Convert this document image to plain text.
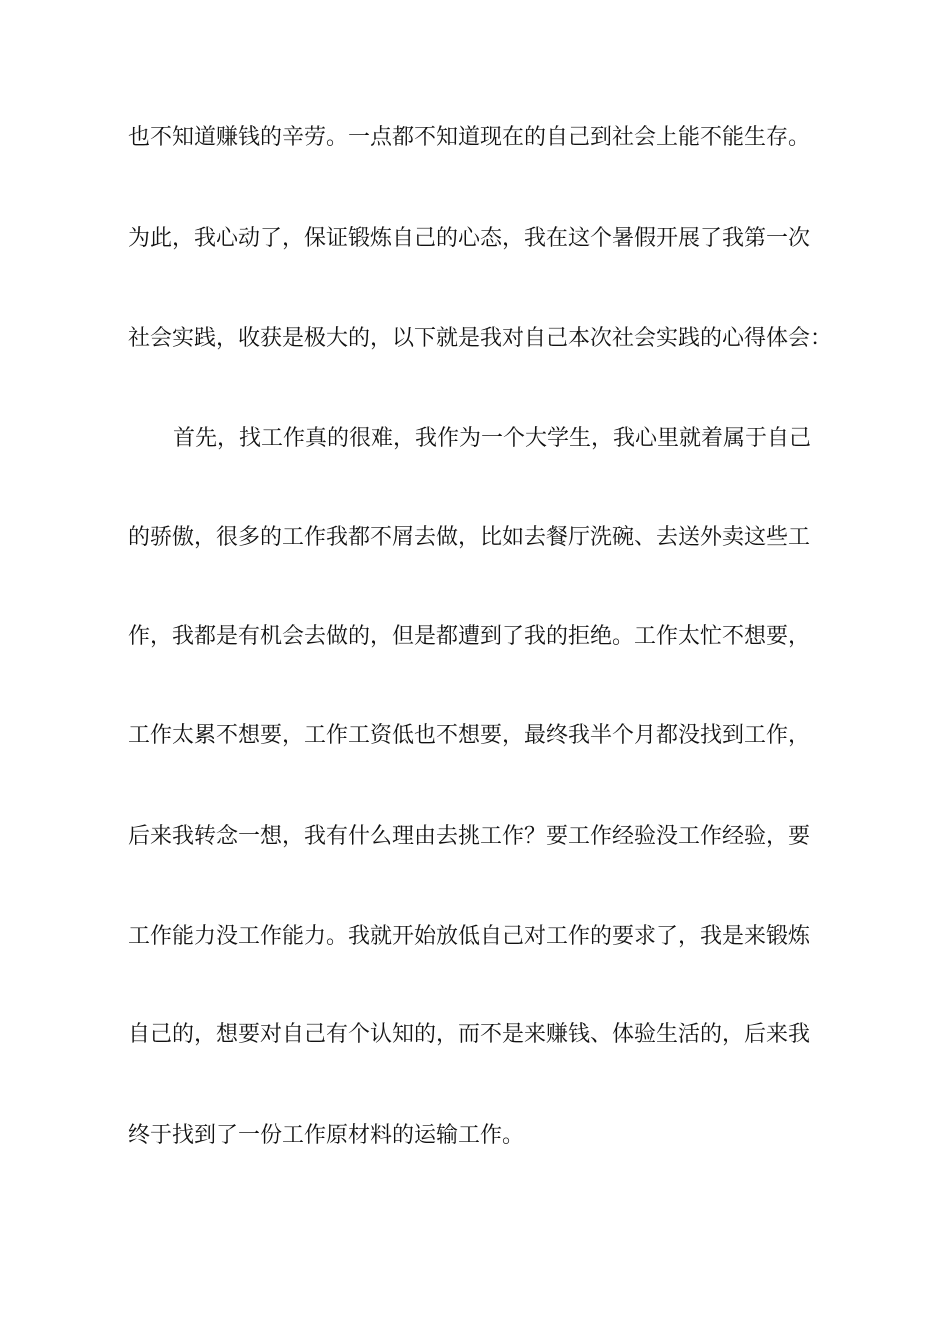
也不知道赚钱的辛劳。一点都不知道现在的自己到社会上能不能生存。
为此，我心动了，保证锻炼自己的心态，我在这个暑假开展了我第一次
社会实践，收获是极大的，以下就是我对自己本次社会实践的心得体会：
首先，找工作真的很难，我作为一个大学生，我心里就着属于自己
的骄傲，很多的工作我都不屑去做，比如去餐厅洗碗、去送外卖这些工
作，我都是有机会去做的，但是都遭到了我的拒绝。工作太忙不想要，
工作太累不想要，工作工资低也不想要，最终我半个月都没找到工作，
后来我转念一想，我有什么理由去挑工作？要工作经验没工作经验，要
工作能力没工作能力。我就开始放低自己对工作的要求了，我是来锻炼
自己的，想要对自己有个认知的，而不是来赚钱、体验生活的，后来我
终于找到了一份工作原材料的运输工作。
